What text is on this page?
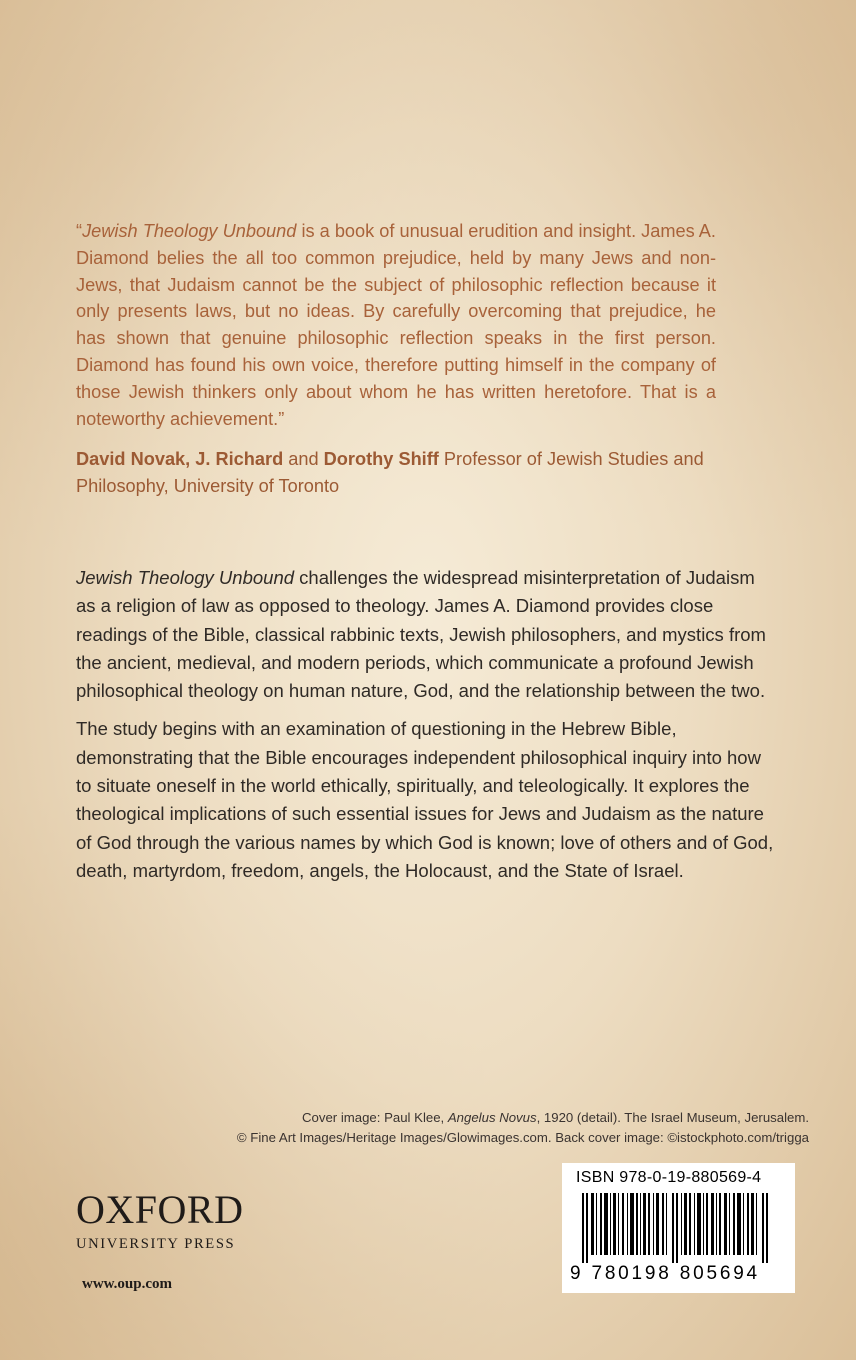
“Jewish Theology Unbound is a book of unusual erudition and insight. James A. Diamond belies the all too common prejudice, held by many Jews and non-Jews, that Judaism cannot be the subject of philosophic reflection because it only presents laws, but no ideas. By carefully overcoming that prejudice, he has shown that genuine philosophic reflection speaks in the first person. Diamond has found his own voice, therefore putting himself in the company of those Jewish thinkers only about whom he has written heretofore. That is a noteworthy achievement.”

David Novak, J. Richard and Dorothy Shiff Professor of Jewish Studies and Philosophy, University of Toronto

Jewish Theology Unbound challenges the widespread misinterpretation of Judaism as a religion of law as opposed to theology. James A. Diamond provides close readings of the Bible, classical rabbinic texts, Jewish philosophers, and mystics from the ancient, medieval, and modern periods, which communicate a profound Jewish philosophical theology on human nature, God, and the relationship between the two.

The study begins with an examination of questioning in the Hebrew Bible, demonstrating that the Bible encourages independent philosophical inquiry into how to situate oneself in the world ethically, spiritually, and teleologically. It explores the theological implications of such essential issues for Jews and Judaism as the nature of God through the various names by which God is known; love of others and of God, death, martyrdom, freedom, angels, the Holocaust, and the State of Israel.

Cover image: Paul Klee, Angelus Novus, 1920 (detail). The Israel Museum, Jerusalem.
© Fine Art Images/Heritage Images/Glowimages.com. Back cover image: ©istockphoto.com/trigga
OXFORD
UNIVERSITY PRESS
www.oup.com
ISBN 978-0-19-880569-4
9 780198 805694
